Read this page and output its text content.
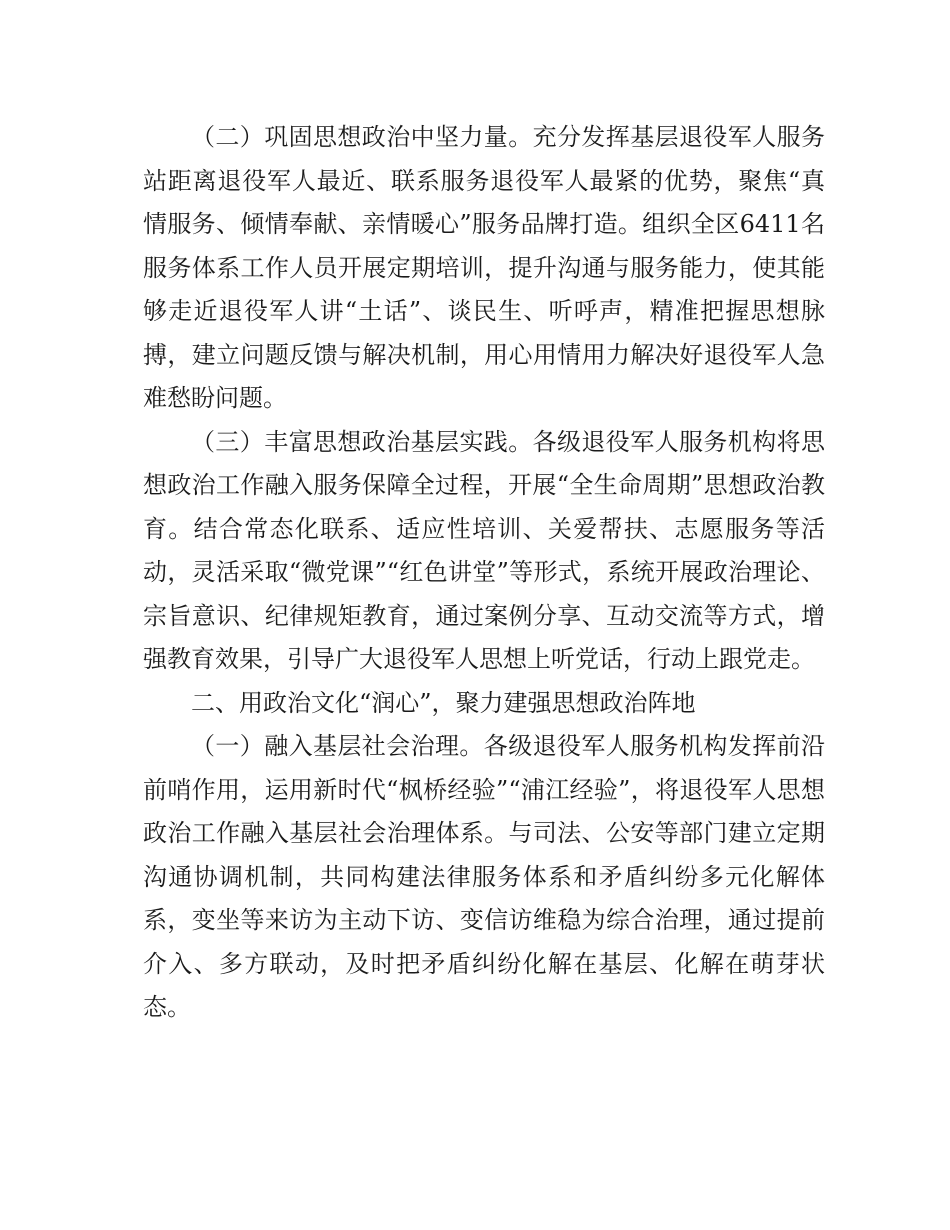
（二）巩固思想政治中坚力量。充分发挥基层退役军人服务站距离退役军人最近、联系服务退役军人最紧的优势，聚焦“真情服务、倾情奉献、亲情暖心”服务品牌打造。组织全区6411名服务体系工作人员开展定期培训，提升沟通与服务能力，使其能够走近退役军人讲“土话”、谈民生、听呼声，精准把握思想脉搏，建立问题反馈与解决机制，用心用情用力解决好退役军人急难愁盼问题。

（三）丰富思想政治基层实践。各级退役军人服务机构将思想政治工作融入服务保障全过程，开展“全生命周期”思想政治教育。结合常态化联系、适应性培训、关爱帮扶、志愿服务等活动，灵活采取“微党课”“红色讲堂”等形式，系统开展政治理论、宗旨意识、纪律规矩教育，通过案例分享、互动交流等方式，增强教育效果，引导广大退役军人思想上听党话，行动上跟党走。

二、用政治文化“润心”，聚力建强思想政治阵地

（一）融入基层社会治理。各级退役军人服务机构发挥前沿前哨作用，运用新时代“枫桥经验”“浦江经验”，将退役军人思想政治工作融入基层社会治理体系。与司法、公安等部门建立定期沟通协调机制，共同构建法律服务体系和矛盾纠纷多元化解体系，变坐等来访为主动下访、变信访维稳为综合治理，通过提前介入、多方联动，及时把矛盾纠纷化解在基层、化解在萌芽状态。
